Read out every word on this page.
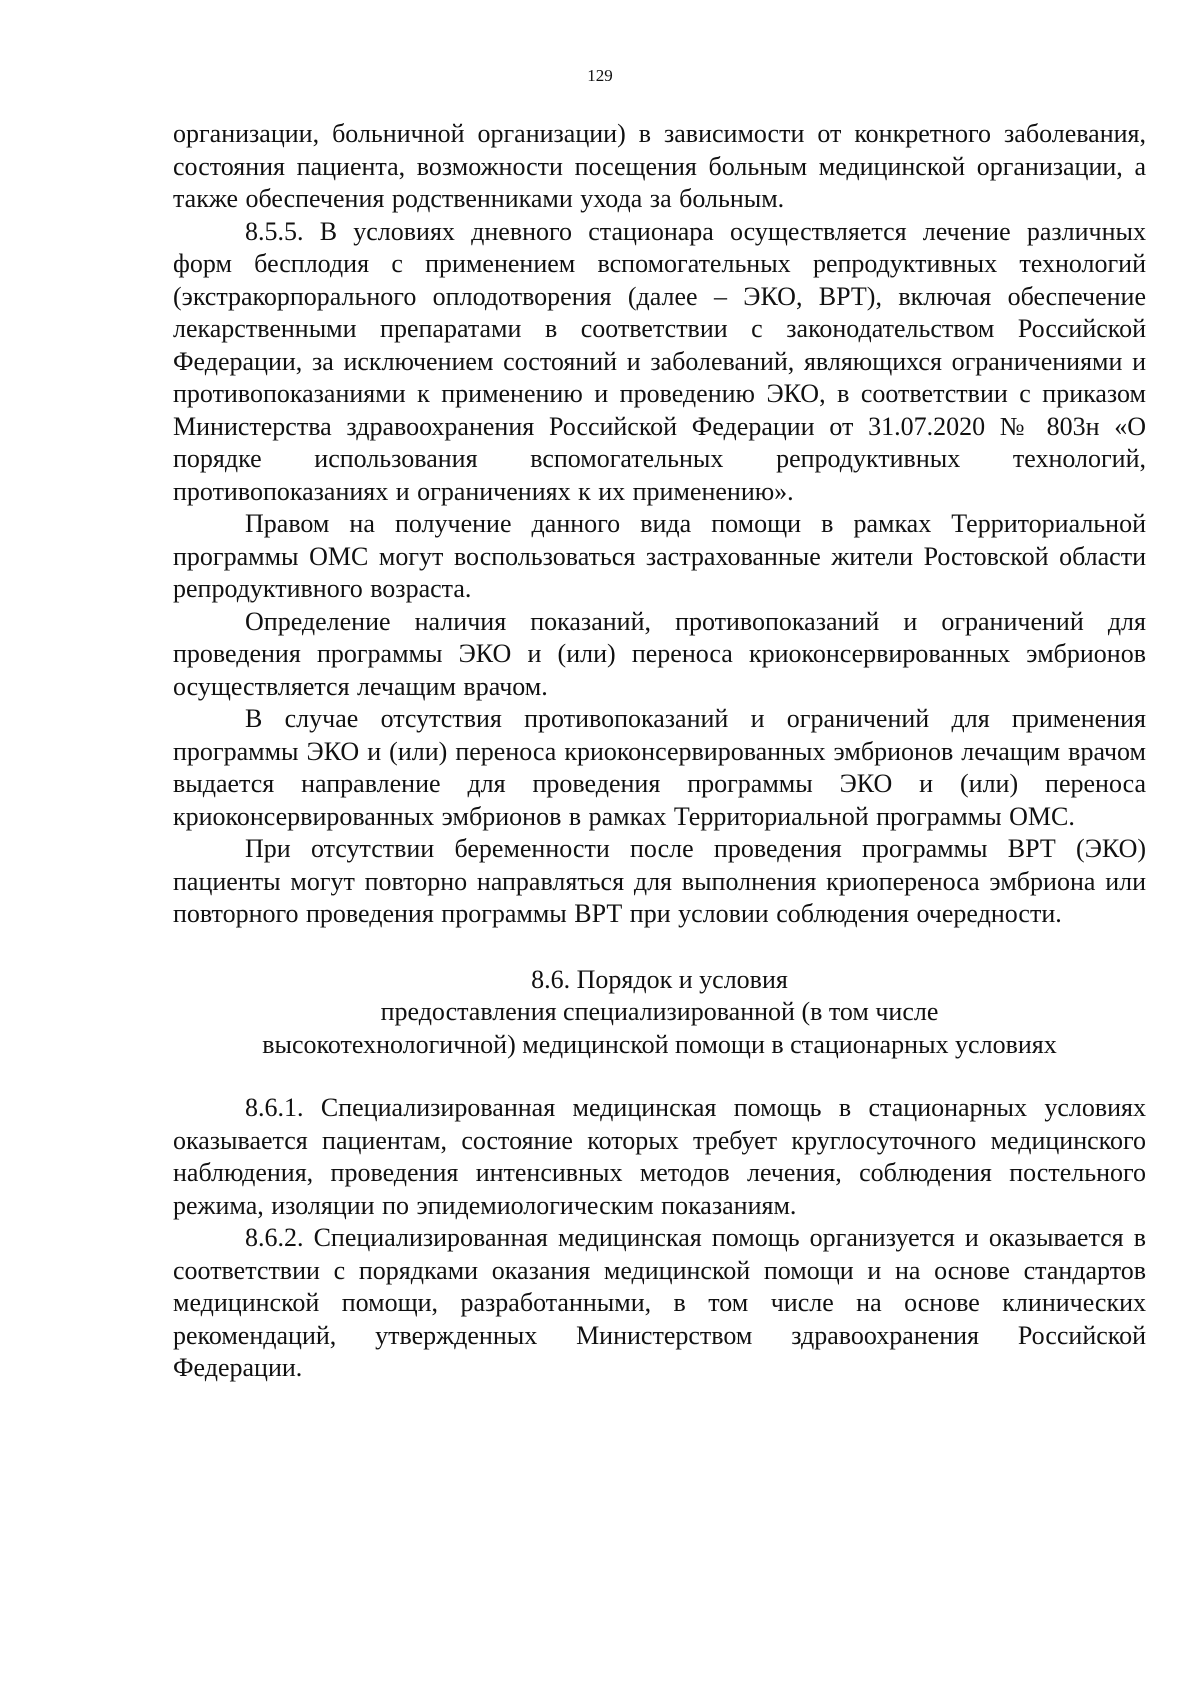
129

организации, больничной организации) в зависимости от конкретного заболевания, состояния пациента, возможности посещения больным медицинской организации, а также обеспечения родственниками ухода за больным.

8.5.5. В условиях дневного стационара осуществляется лечение различных форм бесплодия с применением вспомогательных репродуктивных технологий (экстракорпорального оплодотворения (далее – ЭКО, ВРТ), включая обеспечение лекарственными препаратами в соответствии с законодательством Российской Федерации, за исключением состояний и заболеваний, являющихся ограничениями и противопоказаниями к применению и проведению ЭКО, в соответствии с приказом Министерства здравоохранения Российской Федерации от 31.07.2020 № 803н «О порядке использования вспомогательных репродуктивных технологий, противопоказаниях и ограничениях к их применению».

Правом на получение данного вида помощи в рамках Территориальной программы ОМС могут воспользоваться застрахованные жители Ростовской области репродуктивного возраста.

Определение наличия показаний, противопоказаний и ограничений для проведения программы ЭКО и (или) переноса криоконсервированных эмбрионов осуществляется лечащим врачом.

В случае отсутствия противопоказаний и ограничений для применения программы ЭКО и (или) переноса криоконсервированных эмбрионов лечащим врачом выдается направление для проведения программы ЭКО и (или) переноса криоконсервированных эмбрионов в рамках Территориальной программы ОМС.

При отсутствии беременности после проведения программы ВРТ (ЭКО) пациенты могут повторно направляться для выполнения криопереноса эмбриона или повторного проведения программы ВРТ при условии соблюдения очередности.

8.6. Порядок и условия

предоставления специализированной (в том числе

высокотехнологичной) медицинской помощи в стационарных условиях

8.6.1. Специализированная медицинская помощь в стационарных условиях оказывается пациентам, состояние которых требует круглосуточного медицинского наблюдения, проведения интенсивных методов лечения, соблюдения постельного режима, изоляции по эпидемиологическим показаниям.

8.6.2. Специализированная медицинская помощь организуется и оказывается в соответствии с порядками оказания медицинской помощи и на основе стандартов медицинской помощи, разработанными, в том числе на основе клинических рекомендаций, утвержденных Министерством здравоохранения Российской Федерации.
